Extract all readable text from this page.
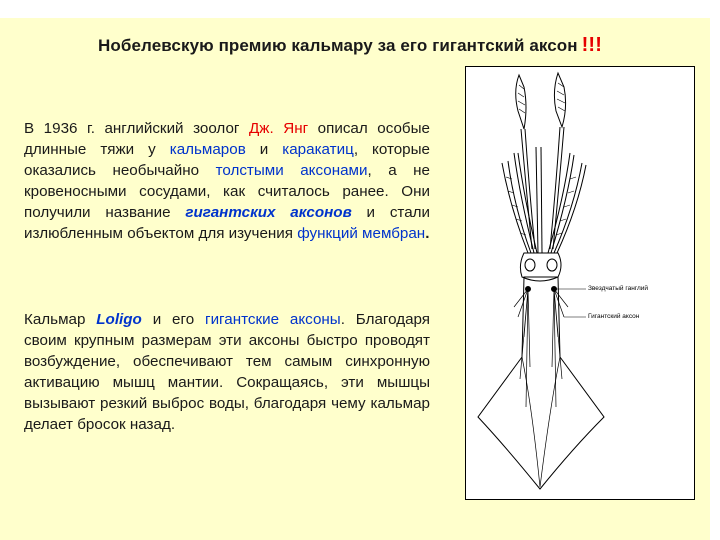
Нобелевскую премию кальмару за его гигантский аксон !!!

В 1936 г. английский зоолог Дж. Янг описал особые длинные тяжи у кальмаров и каракатиц, которые оказались необычайно толстыми аксонами, а не кровеносными сосудами, как считалось ранее. Они получили название гигантских аксонов и стали излюбленным объектом для изучения функций мембран.

Кальмар Loligo и его гигантские аксоны. Благодаря своим крупным размерам эти аксоны быстро проводят возбуждение, обеспечивают тем самым синхронную активацию мышц мантии. Сокращаясь, эти мышцы вызывают резкий выброс воды, благодаря чему кальмар делает бросок назад.

Звездчатый ганглий
Гигантский аксон
